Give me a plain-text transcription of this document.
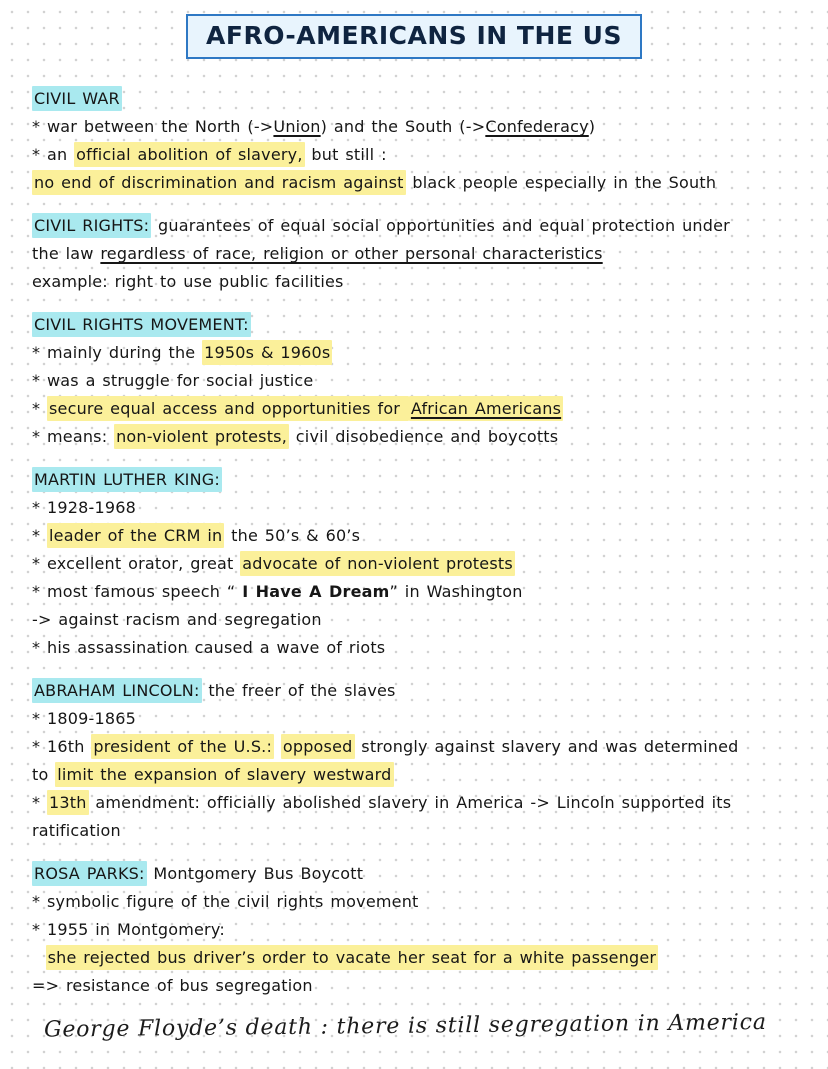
AFRO-AMERICANS IN THE US
CIVIL WAR
* war between the North (->Union) and the South (->Confederacy)
* an official abolition of slavery, but still :
no end of discrimination and racism against black people especially in the South
CIVIL RIGHTS: guarantees of equal social opportunities and equal protection under
the law regardless of race, religion or other personal characteristics
example: right to use public facilities
CIVIL RIGHTS MOVEMENT:
* mainly during the 1950s & 1960s
* was a struggle for social justice
* secure equal access and opportunities for African Americans
* means: non-violent protests, civil disobedience and boycotts
MARTIN LUTHER KING:
* 1928-1968
* leader of the CRM in the 50’s & 60’s
* excellent orator, great advocate of non-violent protests
* most famous speech “ I Have A Dream” in Washington
-> against racism and segregation
* his assassination caused a wave of riots
ABRAHAM LINCOLN: the freer of the slaves
* 1809-1865
* 16th president of the U.S.: opposed strongly against slavery and was determined
to limit the expansion of slavery westward
* 13th amendment: officially abolished slavery in America -> Lincoln supported its
ratification
ROSA PARKS: Montgomery Bus Boycott
* symbolic figure of the civil rights movement
* 1955 in Montgomery:
she rejected bus driver’s order to vacate her seat for a white passenger
=> resistance of bus segregation
George Floyde’s death : there is still segregation in America
